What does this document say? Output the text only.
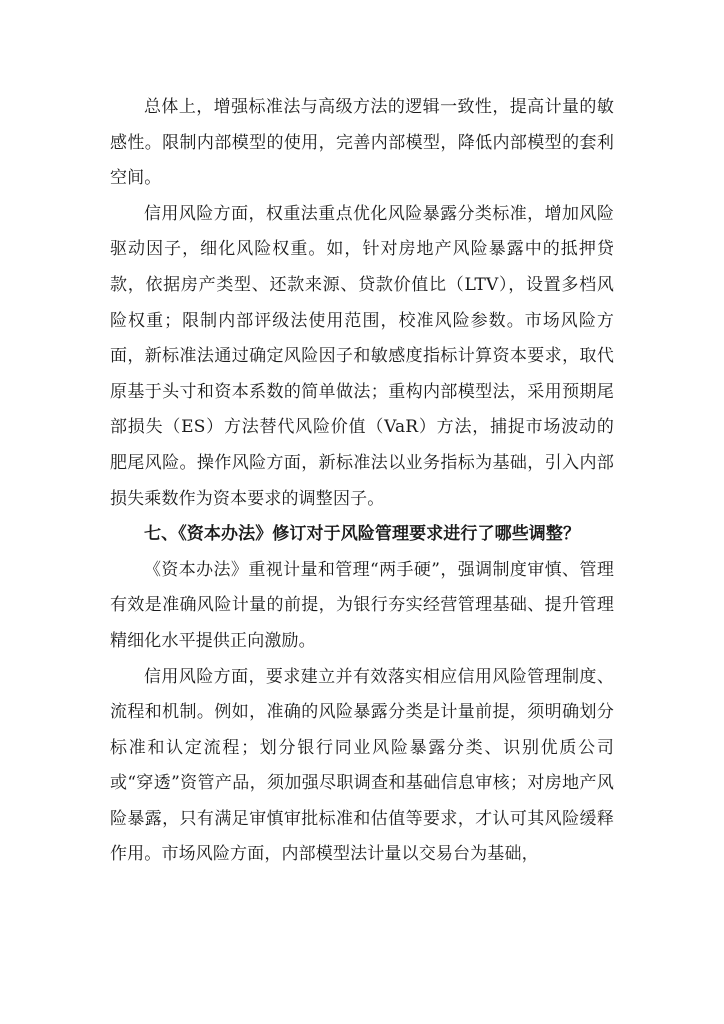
总体上，增强标准法与高级方法的逻辑一致性，提高计量的敏感性。限制内部模型的使用，完善内部模型，降低内部模型的套利空间。

信用风险方面，权重法重点优化风险暴露分类标准，增加风险驱动因子，细化风险权重。如，针对房地产风险暴露中的抵押贷款，依据房产类型、还款来源、贷款价值比（LTV），设置多档风险权重；限制内部评级法使用范围，校准风险参数。市场风险方面，新标准法通过确定风险因子和敏感度指标计算资本要求，取代原基于头寸和资本系数的简单做法；重构内部模型法，采用预期尾部损失（ES）方法替代风险价值（VaR）方法，捕捉市场波动的肥尾风险。操作风险方面，新标准法以业务指标为基础，引入内部损失乘数作为资本要求的调整因子。

七、《资本办法》修订对于风险管理要求进行了哪些调整？

《资本办法》重视计量和管理“两手硬”，强调制度审慎、管理有效是准确风险计量的前提，为银行夯实经营管理基础、提升管理精细化水平提供正向激励。

信用风险方面，要求建立并有效落实相应信用风险管理制度、流程和机制。例如，准确的风险暴露分类是计量前提，须明确划分标准和认定流程；划分银行同业风险暴露分类、识别优质公司或“穿透”资管产品，须加强尽职调查和基础信息审核；对房地产风险暴露，只有满足审慎审批标准和估值等要求，才认可其风险缓释作用。市场风险方面，内部模型法计量以交易台为基础，
